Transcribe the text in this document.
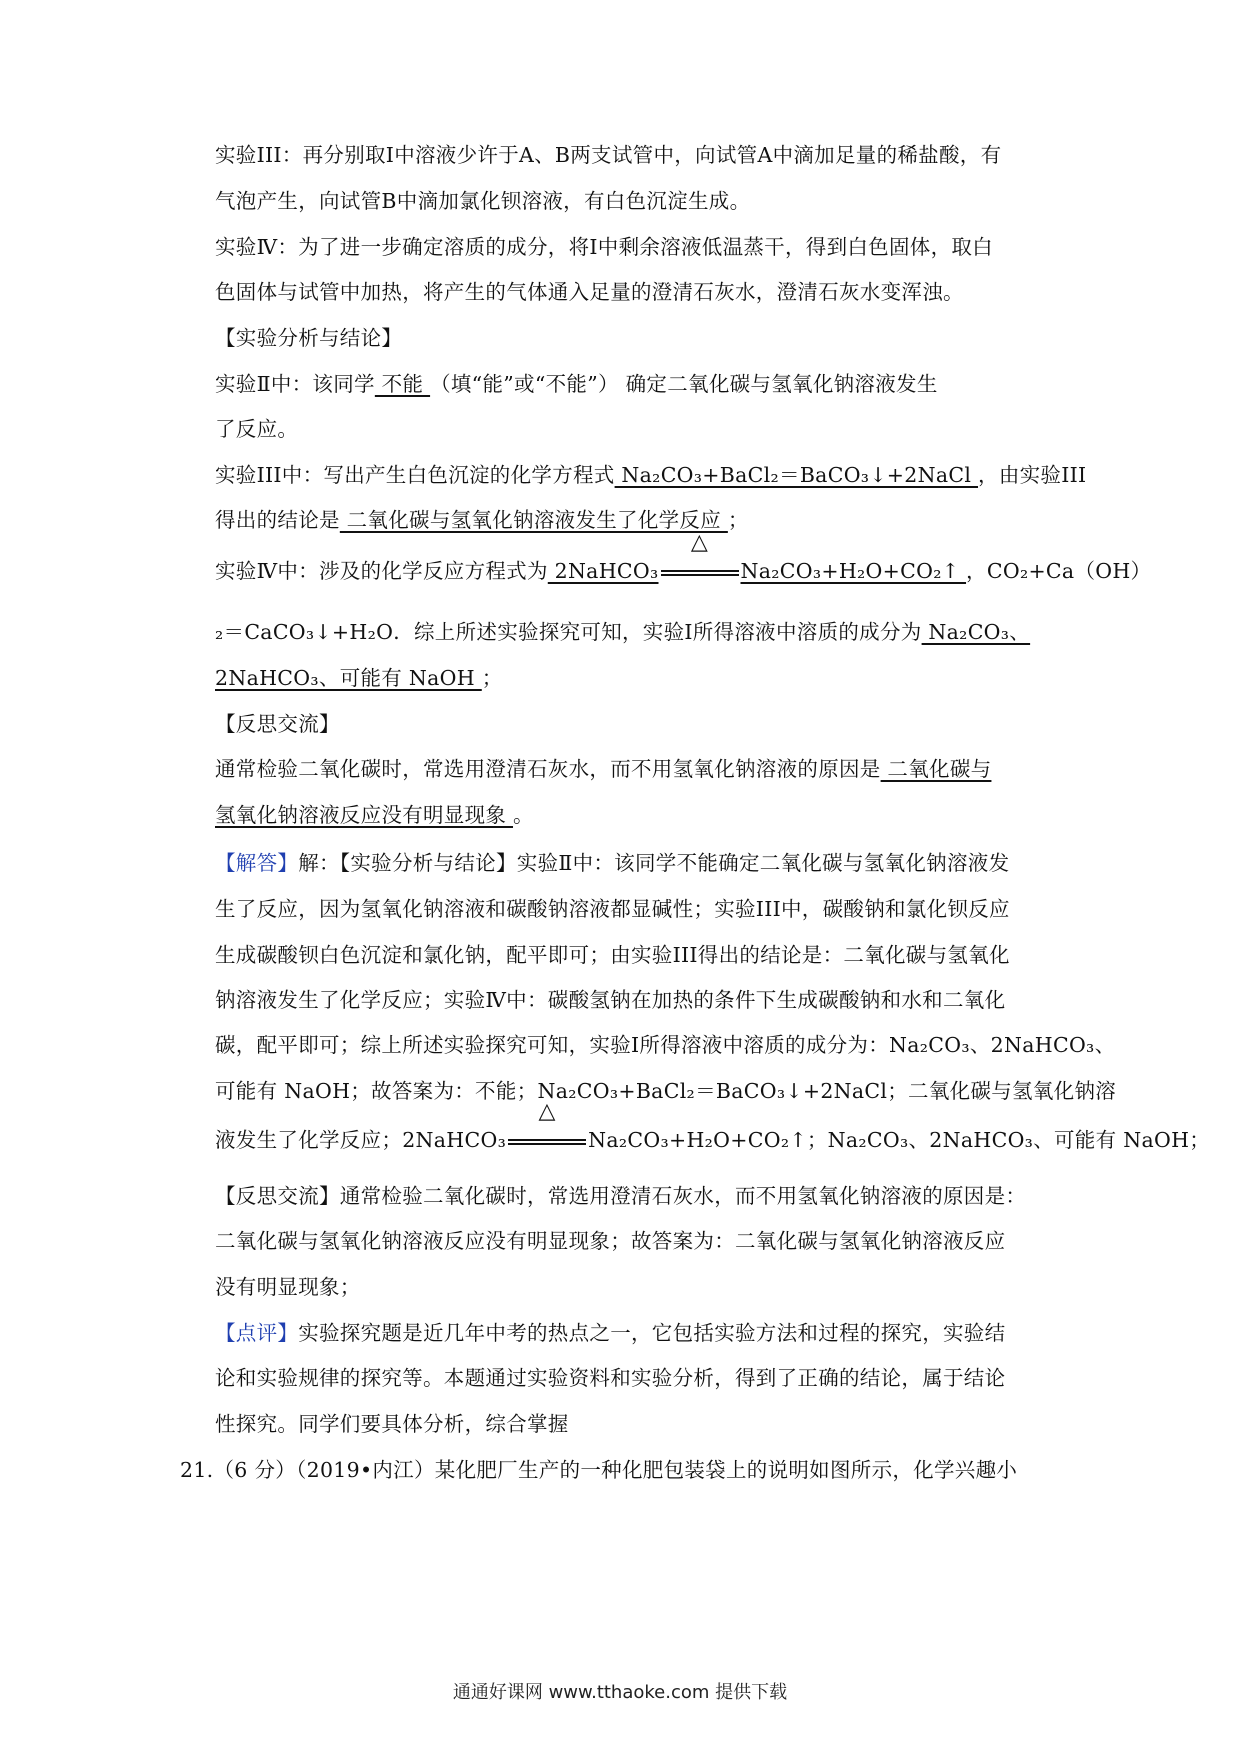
实验III：再分别取Ⅰ中溶液少许于A、B两支试管中，向试管A中滴加足量的稀盐酸，有
气泡产生，向试管B中滴加氯化钡溶液，有白色沉淀生成。
实验Ⅳ：为了进一步确定溶质的成分，将Ⅰ中剩余溶液低温蒸干，得到白色固体，取白
色固体与试管中加热，将产生的气体通入足量的澄清石灰水，澄清石灰水变浑浊。
【实验分析与结论】
实验Ⅱ中：该同学 不能 （填“能”或“不能”） 确定二氧化碳与氢氧化钠溶液发生
了反应。
实验III中：写出产生白色沉淀的化学方程式 Na₂CO₃+BaCl₂＝BaCO₃↓+2NaCl ，由实验III
得出的结论是 二氧化碳与氢氧化钠溶液发生了化学反应 ；
实验Ⅳ中：涉及的化学反应方程式为 2NaHCO₃
△
Na₂CO₃+H₂O+CO₂↑ ，CO₂+Ca（OH）
₂＝CaCO₃↓+H₂O．综上所述实验探究可知，实验Ⅰ所得溶液中溶质的成分为 Na₂CO₃、
2NaHCO₃、可能有 NaOH ；
【反思交流】
通常检验二氧化碳时，常选用澄清石灰水，而不用氢氧化钠溶液的原因是 二氧化碳与
氢氧化钠溶液反应没有明显现象 。
【解答】解：【实验分析与结论】实验Ⅱ中：该同学不能确定二氧化碳与氢氧化钠溶液发
生了反应，因为氢氧化钠溶液和碳酸钠溶液都显碱性；实验III中，碳酸钠和氯化钡反应
生成碳酸钡白色沉淀和氯化钠，配平即可；由实验III得出的结论是：二氧化碳与氢氧化
钠溶液发生了化学反应；实验Ⅳ中：碳酸氢钠在加热的条件下生成碳酸钠和水和二氧化
碳，配平即可；综上所述实验探究可知，实验Ⅰ所得溶液中溶质的成分为：Na₂CO₃、2NaHCO₃、
可能有 NaOH；故答案为：不能；Na₂CO₃+BaCl₂＝BaCO₃↓+2NaCl；二氧化碳与氢氧化钠溶
液发生了化学反应；2NaHCO₃
△
Na₂CO₃+H₂O+CO₂↑；Na₂CO₃、2NaHCO₃、可能有 NaOH；
【反思交流】通常检验二氧化碳时，常选用澄清石灰水，而不用氢氧化钠溶液的原因是：
二氧化碳与氢氧化钠溶液反应没有明显现象；故答案为：二氧化碳与氢氧化钠溶液反应
没有明显现象；
【点评】实验探究题是近几年中考的热点之一，它包括实验方法和过程的探究，实验结
论和实验规律的探究等。本题通过实验资料和实验分析，得到了正确的结论，属于结论
性探究。同学们要具体分析，综合掌握
21.（6 分）（2019•内江）某化肥厂生产的一种化肥包装袋上的说明如图所示，化学兴趣小
通通好课网 www.tthaoke.com 提供下载
